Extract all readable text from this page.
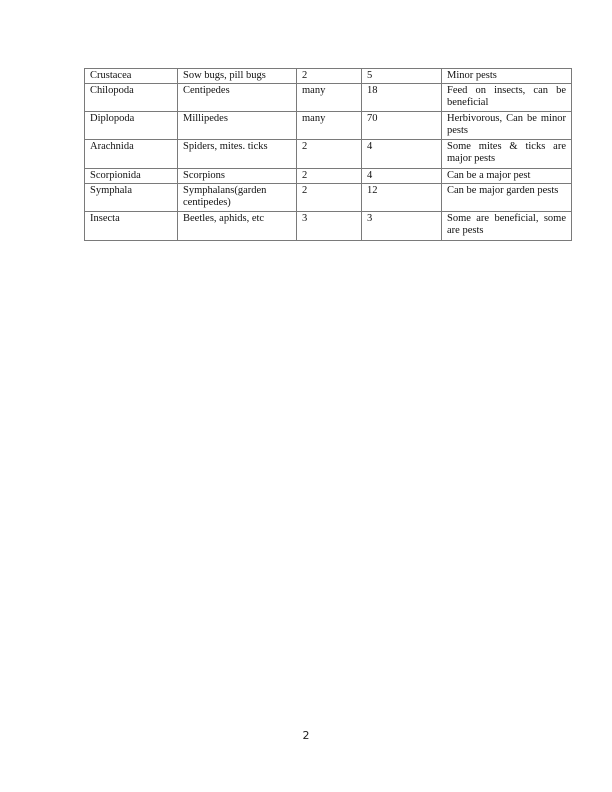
Crustacea	Sow bugs, pill bugs	2	5	Minor pests
Chilopoda	Centipedes	many	18	Feed on insects, can be beneficial
Diplopoda	Millipedes	many	70	Herbivorous, Can be minor pests
Arachnida	Spiders, mites. ticks	2	4	Some mites & ticks are major pests
Scorpionida	Scorpions	2	4	Can be a major pest
Symphala	Symphalans(garden centipedes)	2	12	Can be major garden pests
Insecta	Beetles, aphids, etc	3	3	Some are beneficial, some are pests
2
